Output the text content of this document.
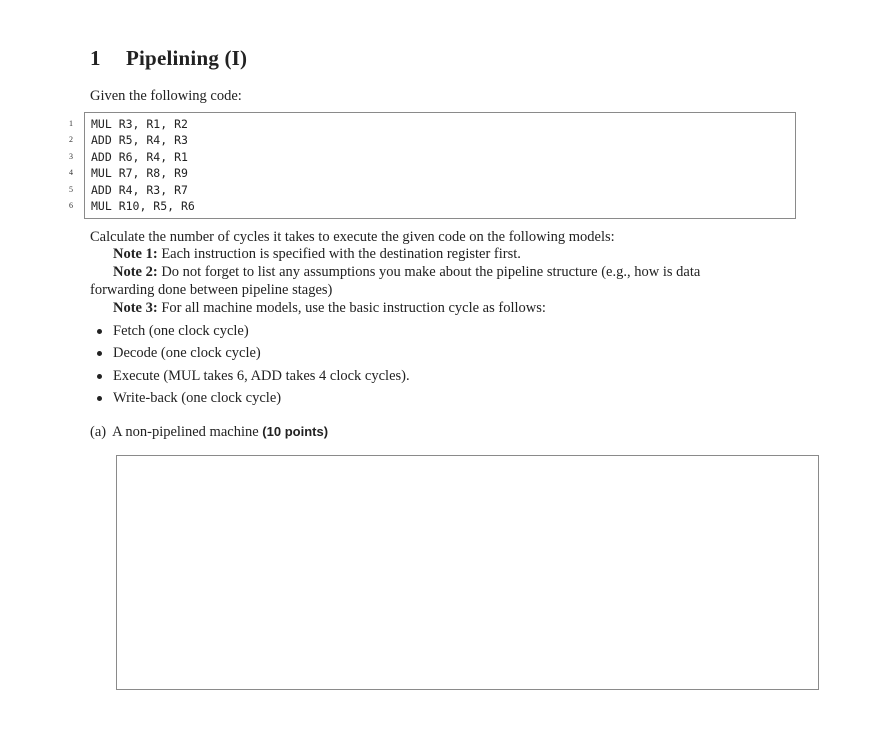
1 Pipelining (I)

Given the following code:

1 MUL R3, R1, R2
2 ADD R5, R4, R3
3 ADD R6, R4, R1
4 MUL R7, R8, R9
5 ADD R4, R3, R7
6 MUL R10, R5, R6

Calculate the number of cycles it takes to execute the given code on the following models:

Note 1: Each instruction is specified with the destination register first.

Note 2: Do not forget to list any assumptions you make about the pipeline structure (e.g., how is data

forwarding done between pipeline stages)

Note 3: For all machine models, use the basic instruction cycle as follows:

Fetch (one clock cycle)
Decode (one clock cycle)
Execute (MUL takes 6, ADD takes 4 clock cycles).
Write-back (one clock cycle)

(a) A non-pipelined machine (10 points)
